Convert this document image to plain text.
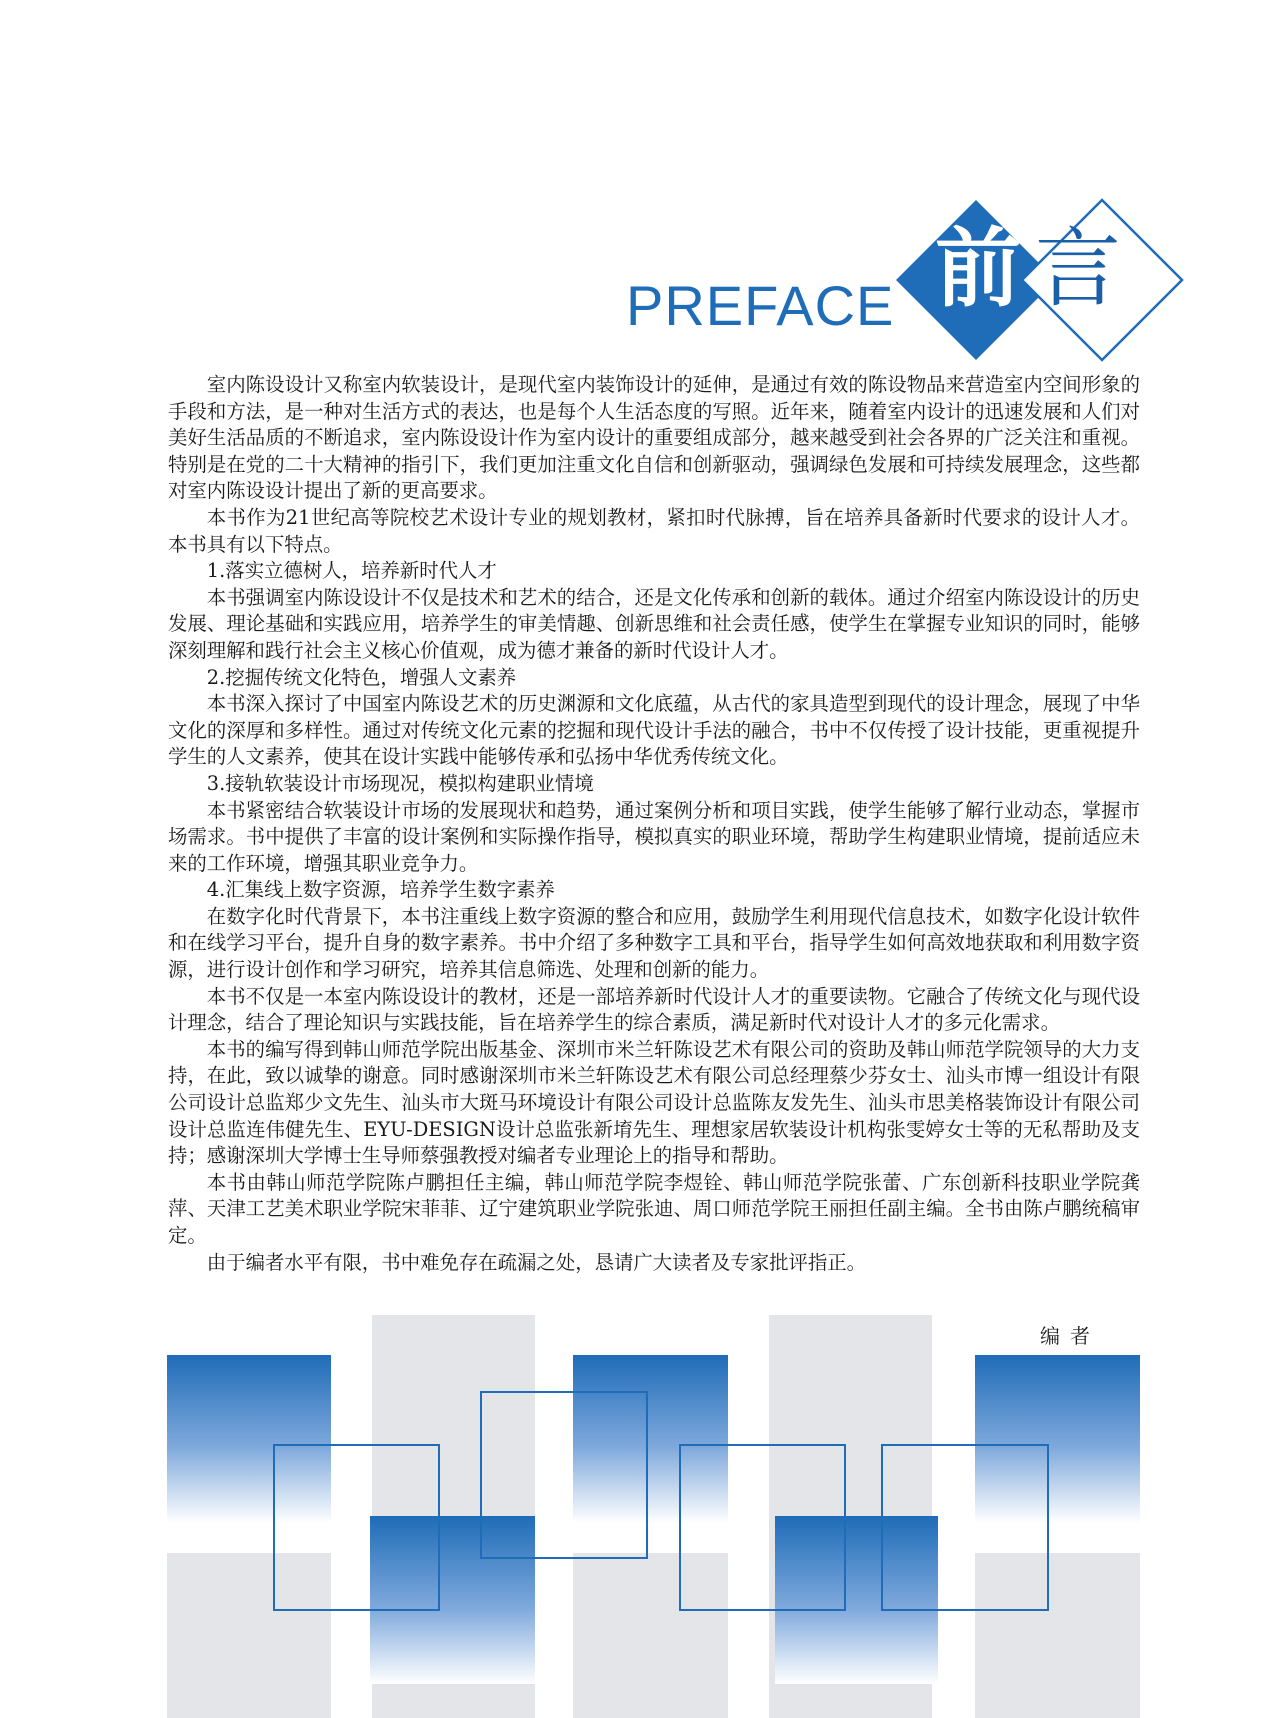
PREFACE 前 言

室内陈设设计又称室内软装设计，是现代室内装饰设计的延伸，是通过有效的陈设物品来营造室内空间形象的手段和方法，是一种对生活方式的表达，也是每个人生活态度的写照。近年来，随着室内设计的迅速发展和人们对美好生活品质的不断追求，室内陈设设计作为室内设计的重要组成部分，越来越受到社会各界的广泛关注和重视。特别是在党的二十大精神的指引下，我们更加注重文化自信和创新驱动，强调绿色发展和可持续发展理念，这些都对室内陈设设计提出了新的更高要求。

本书作为21世纪高等院校艺术设计专业的规划教材，紧扣时代脉搏，旨在培养具备新时代要求的设计人才。本书具有以下特点。

1.落实立德树人，培养新时代人才

本书强调室内陈设设计不仅是技术和艺术的结合，还是文化传承和创新的载体。通过介绍室内陈设设计的历史发展、理论基础和实践应用，培养学生的审美情趣、创新思维和社会责任感，使学生在掌握专业知识的同时，能够深刻理解和践行社会主义核心价值观，成为德才兼备的新时代设计人才。

2.挖掘传统文化特色，增强人文素养

本书深入探讨了中国室内陈设艺术的历史渊源和文化底蕴，从古代的家具造型到现代的设计理念，展现了中华文化的深厚和多样性。通过对传统文化元素的挖掘和现代设计手法的融合，书中不仅传授了设计技能，更重视提升学生的人文素养，使其在设计实践中能够传承和弘扬中华优秀传统文化。

3.接轨软装设计市场现况，模拟构建职业情境

本书紧密结合软装设计市场的发展现状和趋势，通过案例分析和项目实践，使学生能够了解行业动态，掌握市场需求。书中提供了丰富的设计案例和实际操作指导，模拟真实的职业环境，帮助学生构建职业情境，提前适应未来的工作环境，增强其职业竞争力。

4.汇集线上数字资源，培养学生数字素养

在数字化时代背景下，本书注重线上数字资源的整合和应用，鼓励学生利用现代信息技术，如数字化设计软件和在线学习平台，提升自身的数字素养。书中介绍了多种数字工具和平台，指导学生如何高效地获取和利用数字资源，进行设计创作和学习研究，培养其信息筛选、处理和创新的能力。

本书不仅是一本室内陈设设计的教材，还是一部培养新时代设计人才的重要读物。它融合了传统文化与现代设计理念，结合了理论知识与实践技能，旨在培养学生的综合素质，满足新时代对设计人才的多元化需求。

本书的编写得到韩山师范学院出版基金、深圳市米兰轩陈设艺术有限公司的资助及韩山师范学院领导的大力支持，在此，致以诚挚的谢意。同时感谢深圳市米兰轩陈设艺术有限公司总经理蔡少芬女士、汕头市博一组设计有限公司设计总监郑少文先生、汕头市大斑马环境设计有限公司设计总监陈友发先生、汕头市思美格装饰设计有限公司设计总监连伟健先生、EYU-DESIGN设计总监张新堉先生、理想家居软装设计机构张雯婷女士等的无私帮助及支持；感谢深圳大学博士生导师蔡强教授对编者专业理论上的指导和帮助。

本书由韩山师范学院陈卢鹏担任主编，韩山师范学院李煜铨、韩山师范学院张蕾、广东创新科技职业学院龚萍、天津工艺美术职业学院宋菲菲、辽宁建筑职业学院张迪、周口师范学院王丽担任副主编。全书由陈卢鹏统稿审定。

由于编者水平有限，书中难免存在疏漏之处，恳请广大读者及专家批评指正。

编者
